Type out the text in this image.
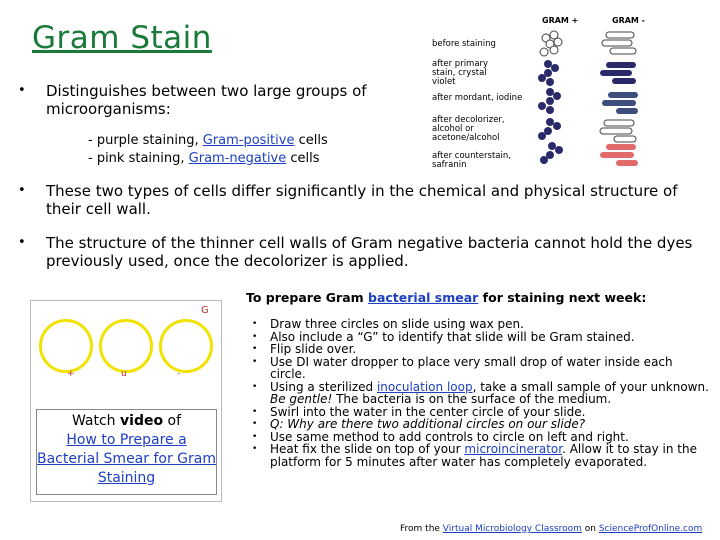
Gram Stain
• Distinguishes between two large groups of microorganisms:
- purple staining, Gram-positive cells
- pink staining, Gram-negative cells
• These two types of cells differ significantly in the chemical and physical structure of their cell wall.
• The structure of the thinner cell walls of Gram negative bacteria cannot hold the dyes previously used, once the decolorizer is applied.
GRAM +	GRAM -
before staining
after primary stain, crystal violet
after mordant, iodine
after decolorizer, alcohol or acetone/alcohol
after counterstain, safranin
G
+	u	-
Watch video of
How to Prepare a Bacterial Smear for Gram Staining
To prepare Gram bacterial smear for staining next week:
• Draw three circles on slide using wax pen.
• Also include a “G” to identify that slide will be Gram stained.
• Flip slide over.
• Use DI water dropper to place very small drop of water inside each circle.
• Using a sterilized inoculation loop, take a small sample of your unknown. Be gentle! The bacteria is on the surface of the medium.
• Swirl into the water in the center circle of your slide.
• Q: Why are there two additional circles on our slide?
• Use same method to add controls to circle on left and right.
• Heat fix the slide on top of your microincinerator. Allow it to stay in the platform for 5 minutes after water has completely evaporated.
From the Virtual Microbiology Classroom on ScienceProfOnline.com
